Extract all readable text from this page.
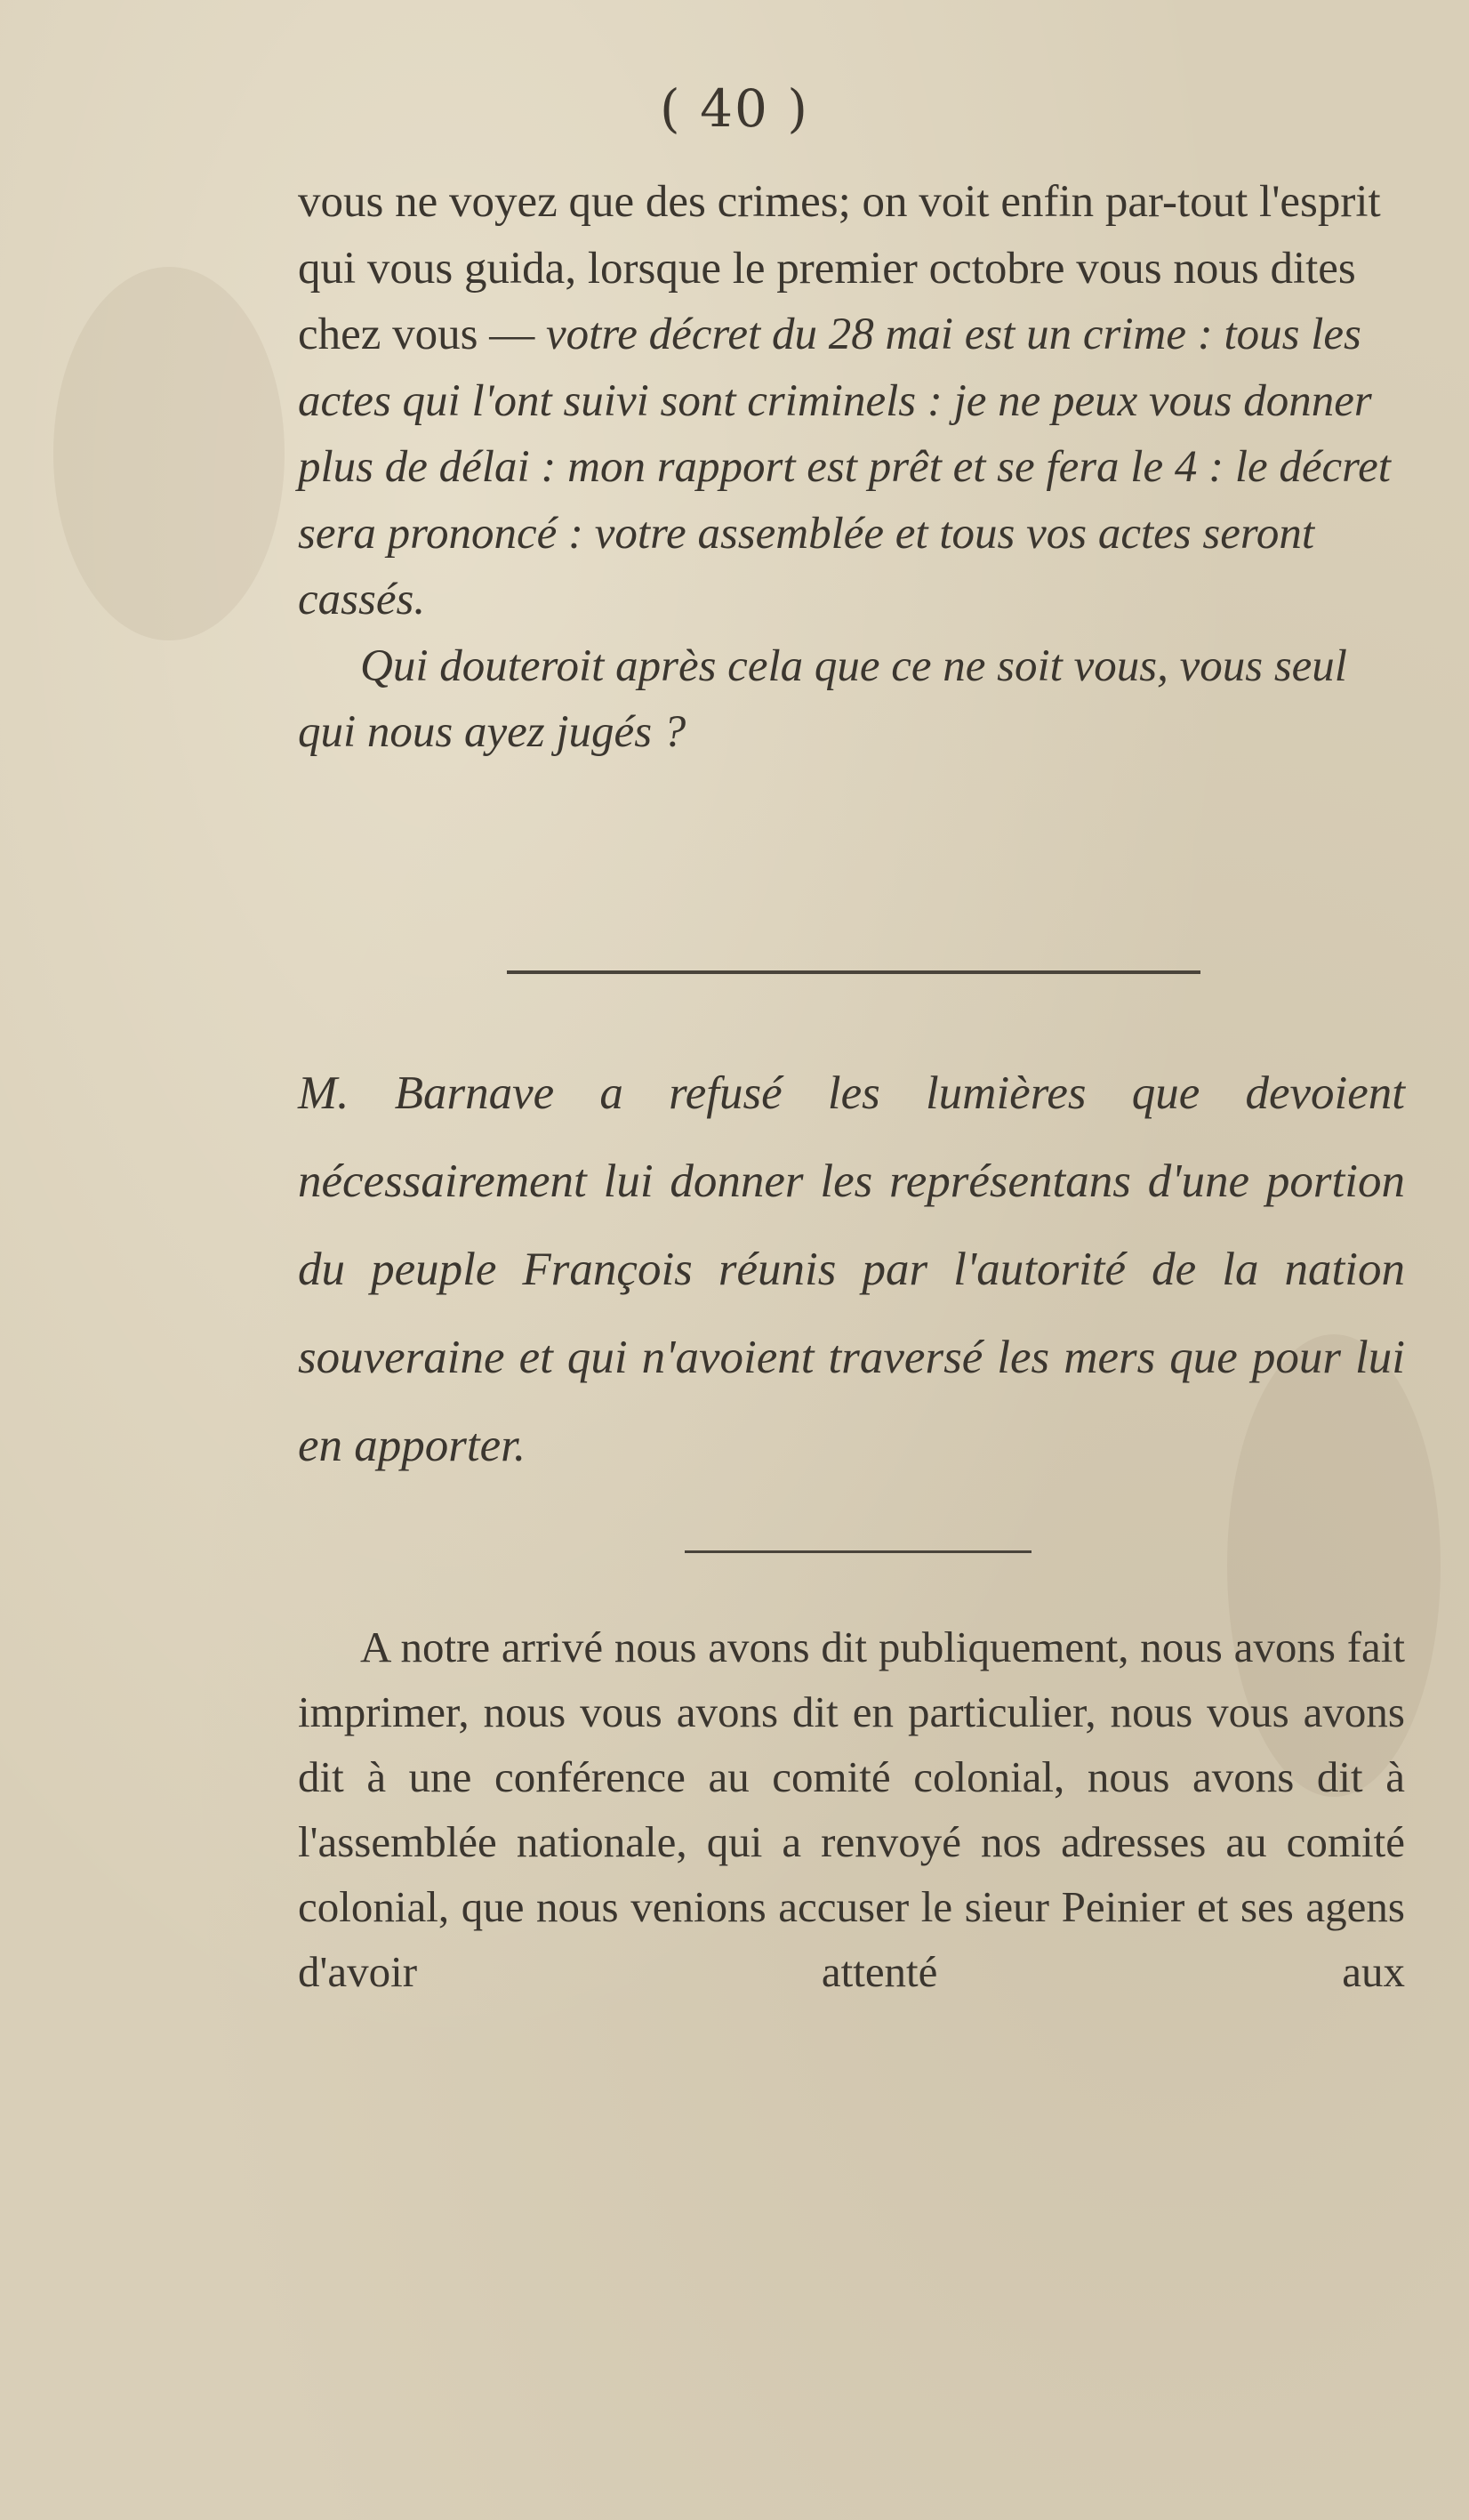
( 40 )

vous ne voyez que des crimes; on voit enfin par-tout l'esprit qui vous guida, lorsque le premier octobre vous nous dites chez vous — votre décret du 28 mai est un crime : tous les actes qui l'ont suivi sont criminels : je ne peux vous donner plus de délai : mon rapport est prêt et se fera le 4 : le décret sera prononcé : votre assemblée et tous vos actes seront cassés.

Qui douteroit après cela que ce ne soit vous, vous seul qui nous ayez jugés ?

M. Barnave a refusé les lumières que devoient nécessairement lui donner les représentans d'une portion du peuple François réunis par l'autorité de la nation souveraine et qui n'avoient traversé les mers que pour lui en apporter.

A notre arrivé nous avons dit publiquement, nous avons fait imprimer, nous vous avons dit en particulier, nous vous avons dit à une conférence au comité colonial, nous avons dit à l'assemblée nationale, qui a renvoyé nos adresses au comité colonial, que nous venions accuser le sieur Peinier et ses agens d'avoir attenté aux
